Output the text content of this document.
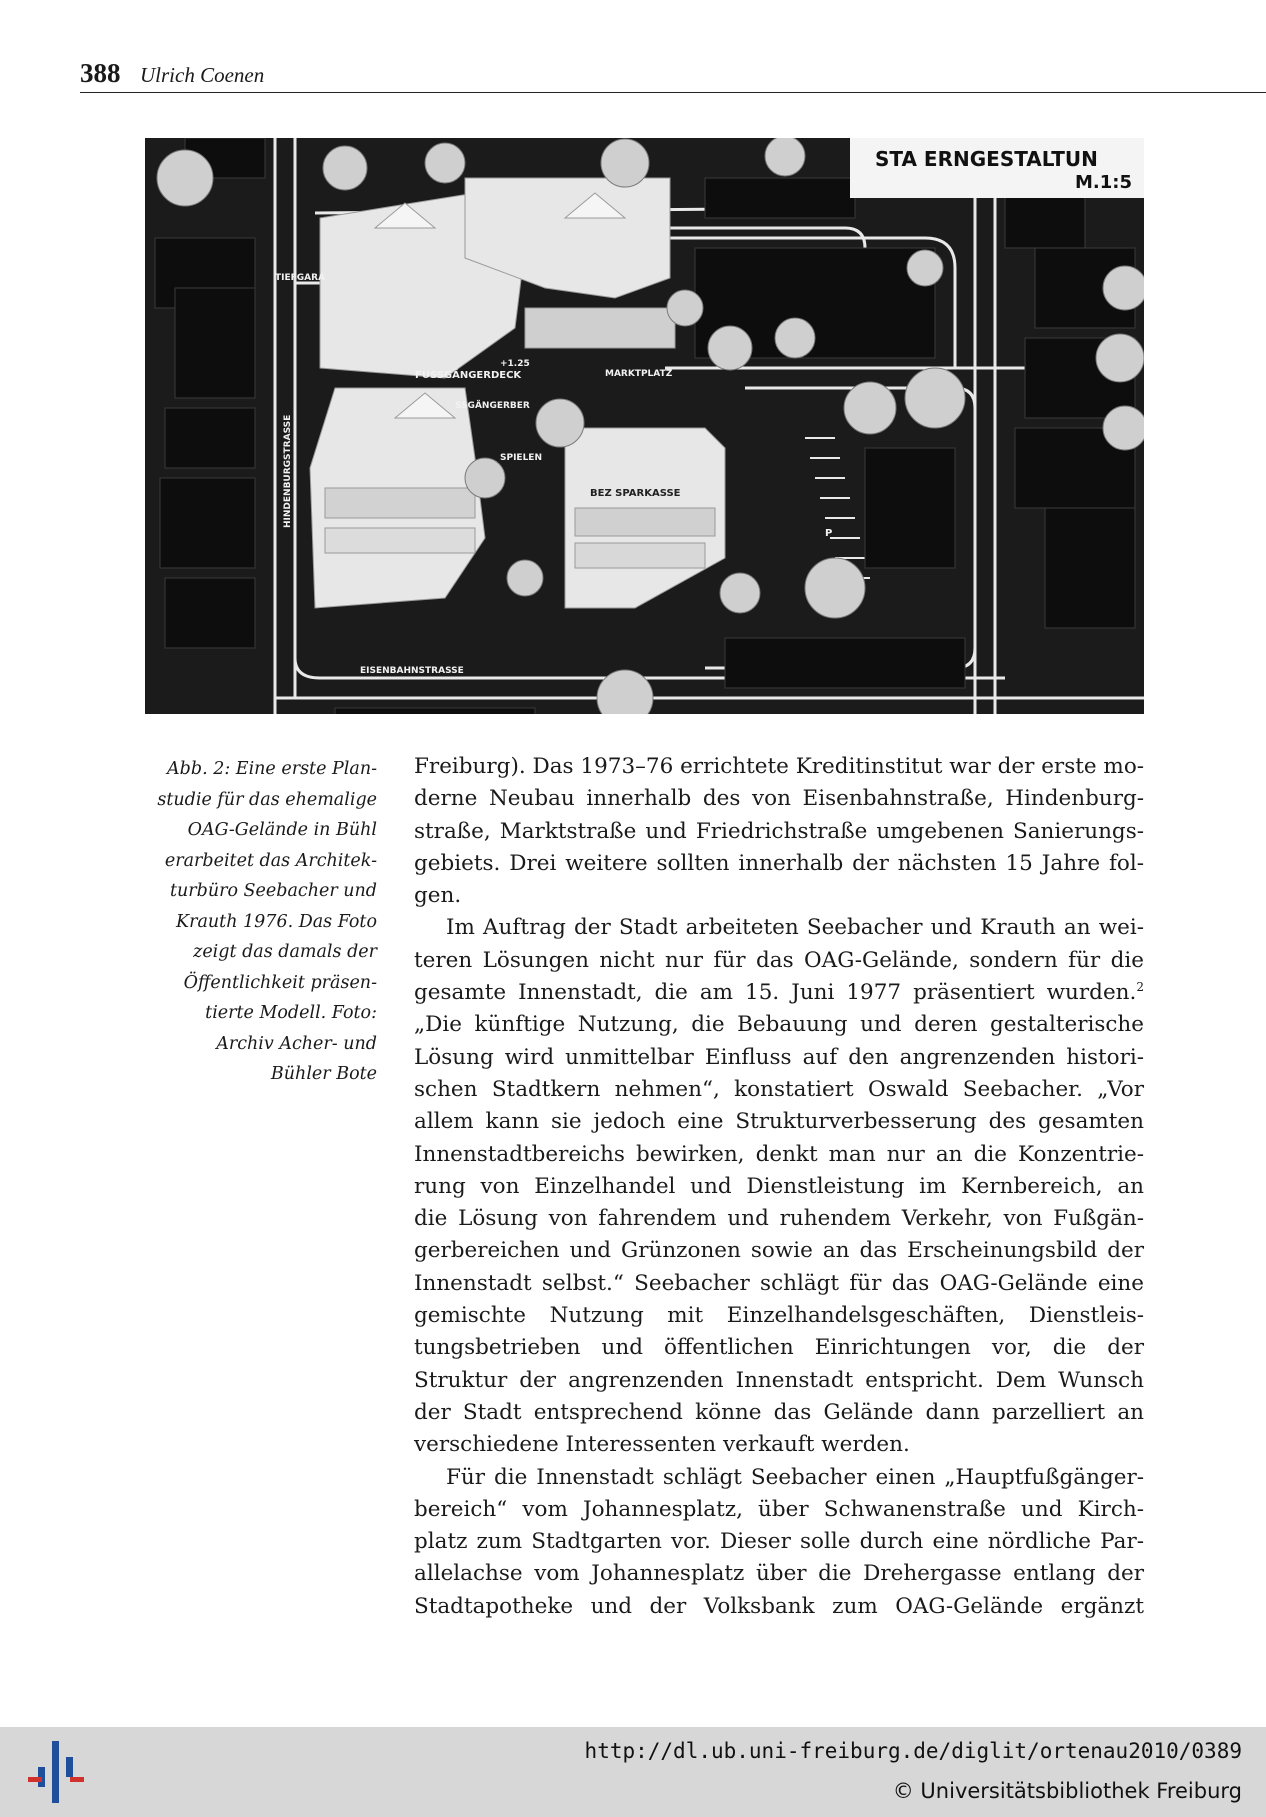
388 Ulrich Coenen
STA ERNGESTALTUN
M.1:5
TIEFGARA
FUSSGÄNGERDECK
+1.25
MARKTPLATZ
SSGÄNGERBER
SPIELEN
BEZ SPARKASSE
P
HINDENBURGSTRASSE
EISENBAHNSTRASSE
Abb. 2: Eine erste Plan-
studie für das ehemalige
OAG-Gelände in Bühl
erarbeitet das Architek-
turbüro Seebacher und
Krauth 1976. Das Foto
zeigt das damals der
Öffentlichkeit präsen-
tierte Modell. Foto:
Archiv Acher- und
Bühler Bote
Freiburg). Das 1973–76 errichtete Kreditinstitut war der erste mo-
derne Neubau innerhalb des von Eisenbahnstraße, Hindenburg-
straße, Marktstraße und Friedrichstraße umgebenen Sanierungs-
gebiets. Drei weitere sollten innerhalb der nächsten 15 Jahre fol-
gen.
Im Auftrag der Stadt arbeiteten Seebacher und Krauth an wei-
teren Lösungen nicht nur für das OAG-Gelände, sondern für die
gesamte Innenstadt, die am 15. Juni 1977 präsentiert wurden.$^2$
„Die künftige Nutzung, die Bebauung und deren gestalterische
Lösung wird unmittelbar Einfluss auf den angrenzenden histori-
schen Stadtkern nehmen“, konstatiert Oswald Seebacher. „Vor
allem kann sie jedoch eine Strukturverbesserung des gesamten
Innenstadtbereichs bewirken, denkt man nur an die Konzentrie-
rung von Einzelhandel und Dienstleistung im Kernbereich, an
die Lösung von fahrendem und ruhendem Verkehr, von Fußgän-
gerbereichen und Grünzonen sowie an das Erscheinungsbild der
Innenstadt selbst.“ Seebacher schlägt für das OAG-Gelände eine
gemischte Nutzung mit Einzelhandelsgeschäften, Dienstleis-
tungsbetrieben und öffentlichen Einrichtungen vor, die der
Struktur der angrenzenden Innenstadt entspricht. Dem Wunsch
der Stadt entsprechend könne das Gelände dann parzelliert an
verschiedene Interessenten verkauft werden.
Für die Innenstadt schlägt Seebacher einen „Hauptfußgänger-
bereich“ vom Johannesplatz, über Schwanenstraße und Kirch-
platz zum Stadtgarten vor. Dieser solle durch eine nördliche Par-
allelachse vom Johannesplatz über die Drehergasse entlang der
Stadtapotheke und der Volksbank zum OAG-Gelände ergänzt
http://dl.ub.uni-freiburg.de/diglit/ortenau2010/0389
© Universitätsbibliothek Freiburg
